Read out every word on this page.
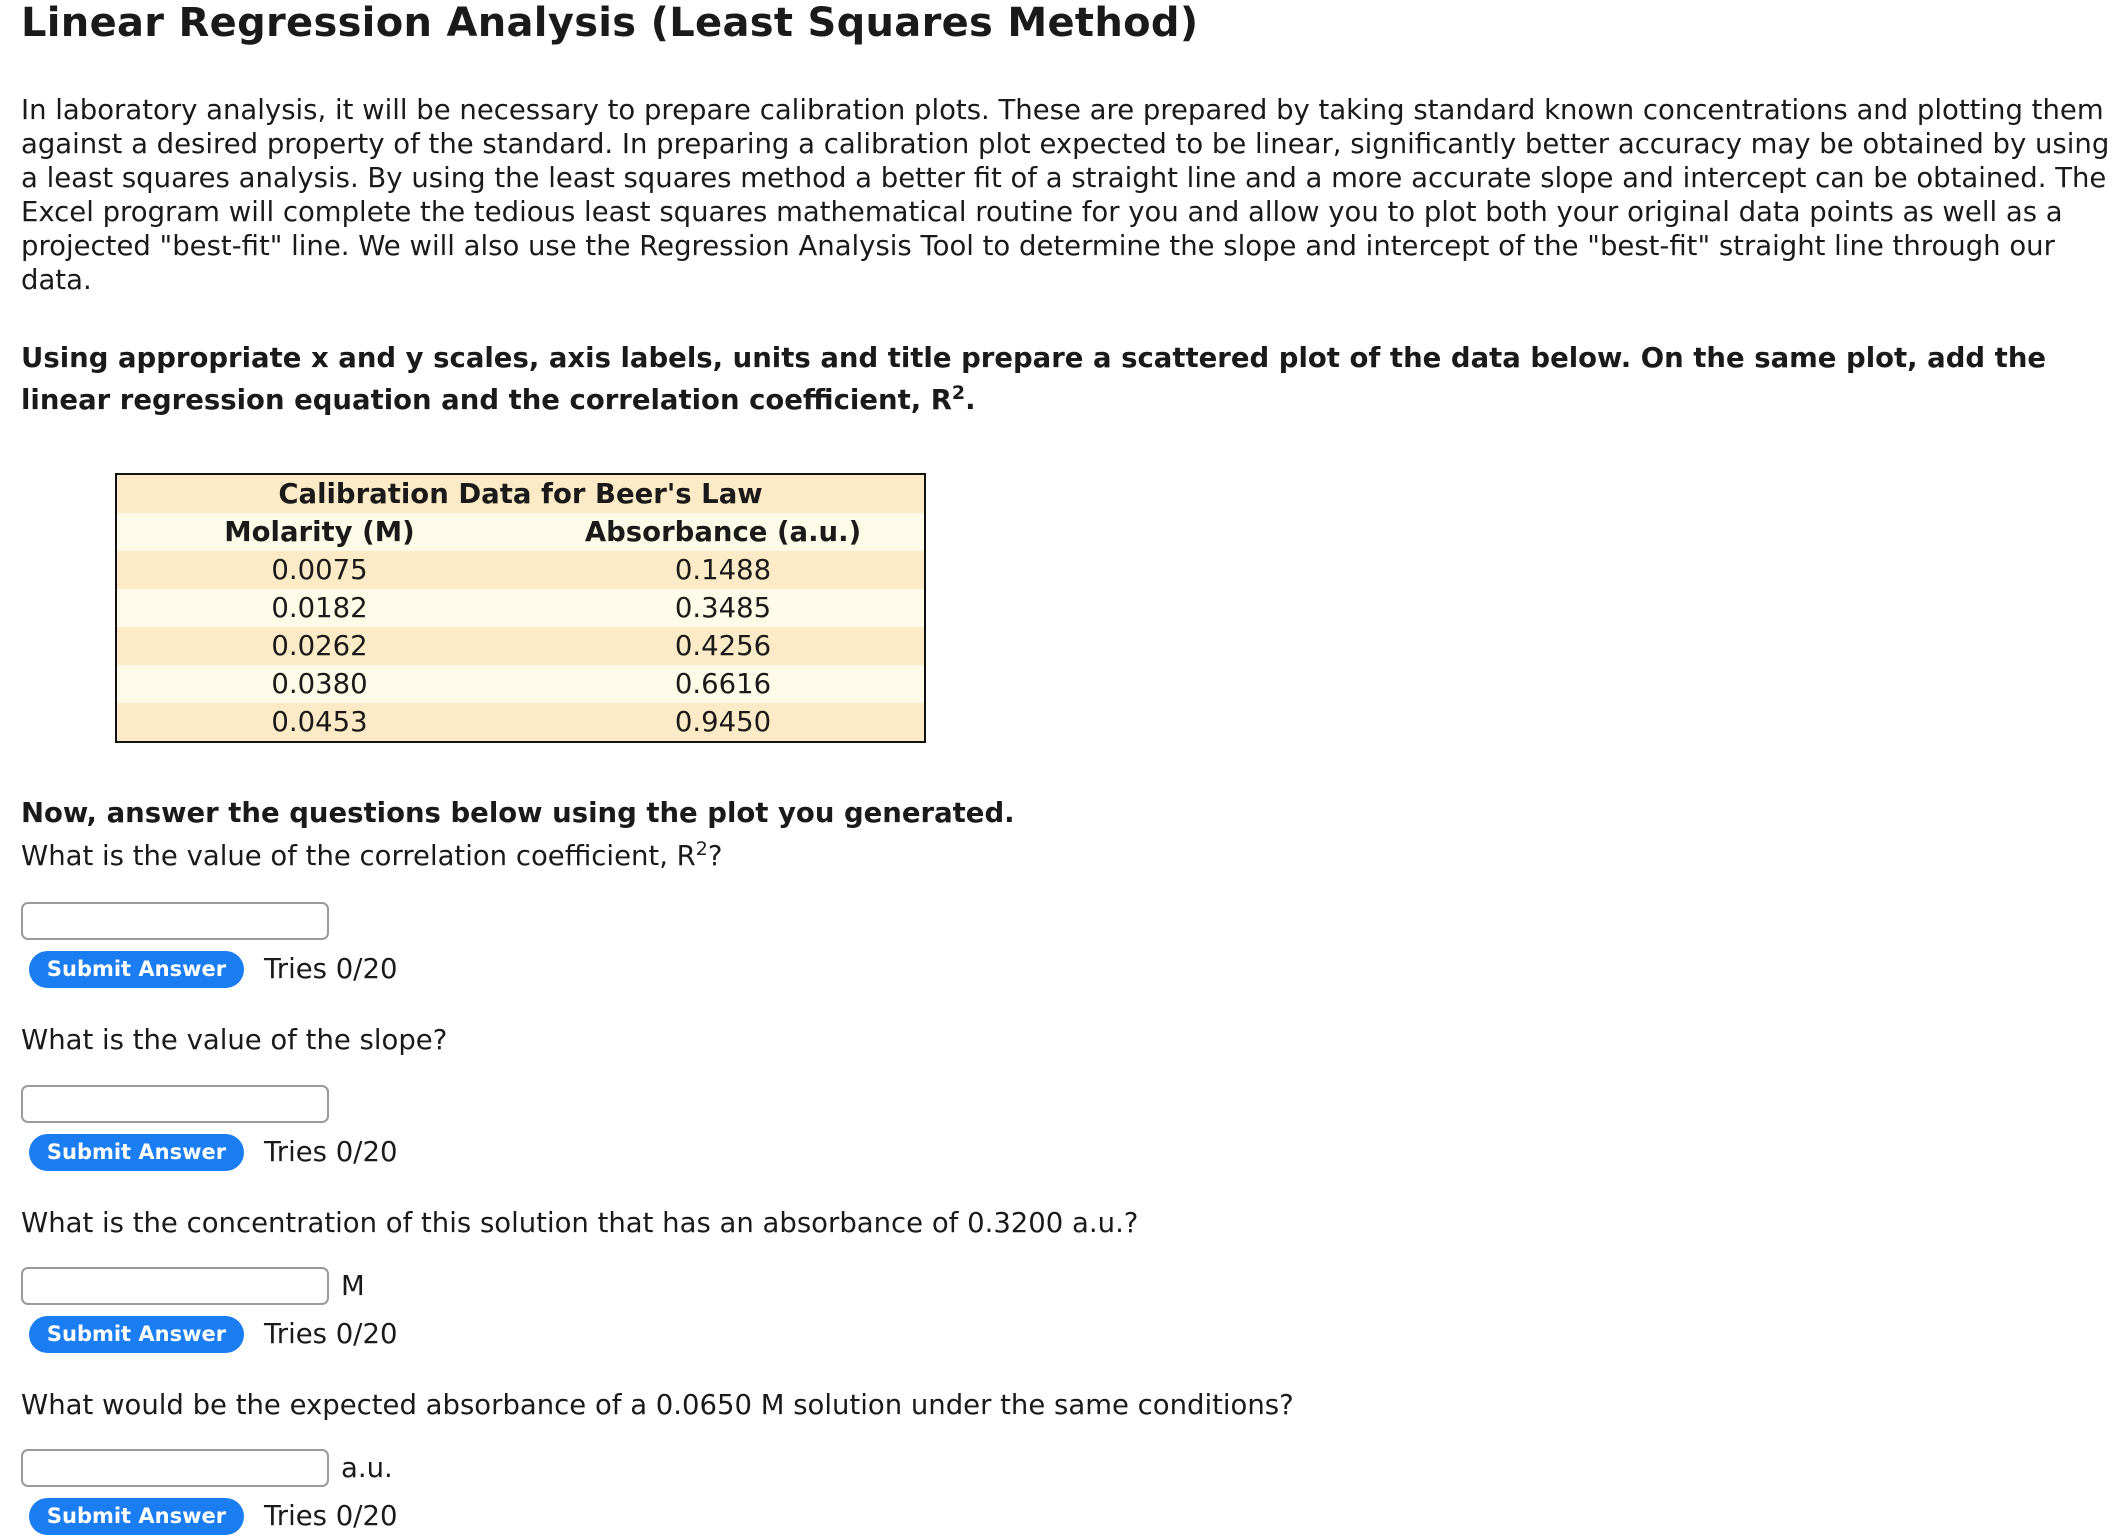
Linear Regression Analysis (Least Squares Method)

In laboratory analysis, it will be necessary to prepare calibration plots. These are prepared by taking standard known concentrations and plotting them against a desired property of the standard. In preparing a calibration plot expected to be linear, significantly better accuracy may be obtained by using a least squares analysis. By using the least squares method a better fit of a straight line and a more accurate slope and intercept can be obtained. The Excel program will complete the tedious least squares mathematical routine for you and allow you to plot both your original data points as well as a projected "best-fit" line. We will also use the Regression Analysis Tool to determine the slope and intercept of the "best-fit" straight line through our data.

Using appropriate x and y scales, axis labels, units and title prepare a scattered plot of the data below. On the same plot, add the linear regression equation and the correlation coefficient, $R^2$.

Calibration Data for Beer's Law	
Molarity (M)	Absorbance (a.u.)
0.0075	0.1488
0.0182	0.3485
0.0262	0.4256
0.0380	0.6616
0.0453	0.9450

Now, answer the questions below using the plot you generated.

What is the value of the correlation coefficient, $R^2$?

Submit Answer	Tries 0/20

What is the value of the slope?

Submit Answer	Tries 0/20

What is the concentration of this solution that has an absorbance of 0.3200 a.u.?

M
Submit Answer	Tries 0/20

What would be the expected absorbance of a 0.0650 M solution under the same conditions?

a.u.
Submit Answer	Tries 0/20
